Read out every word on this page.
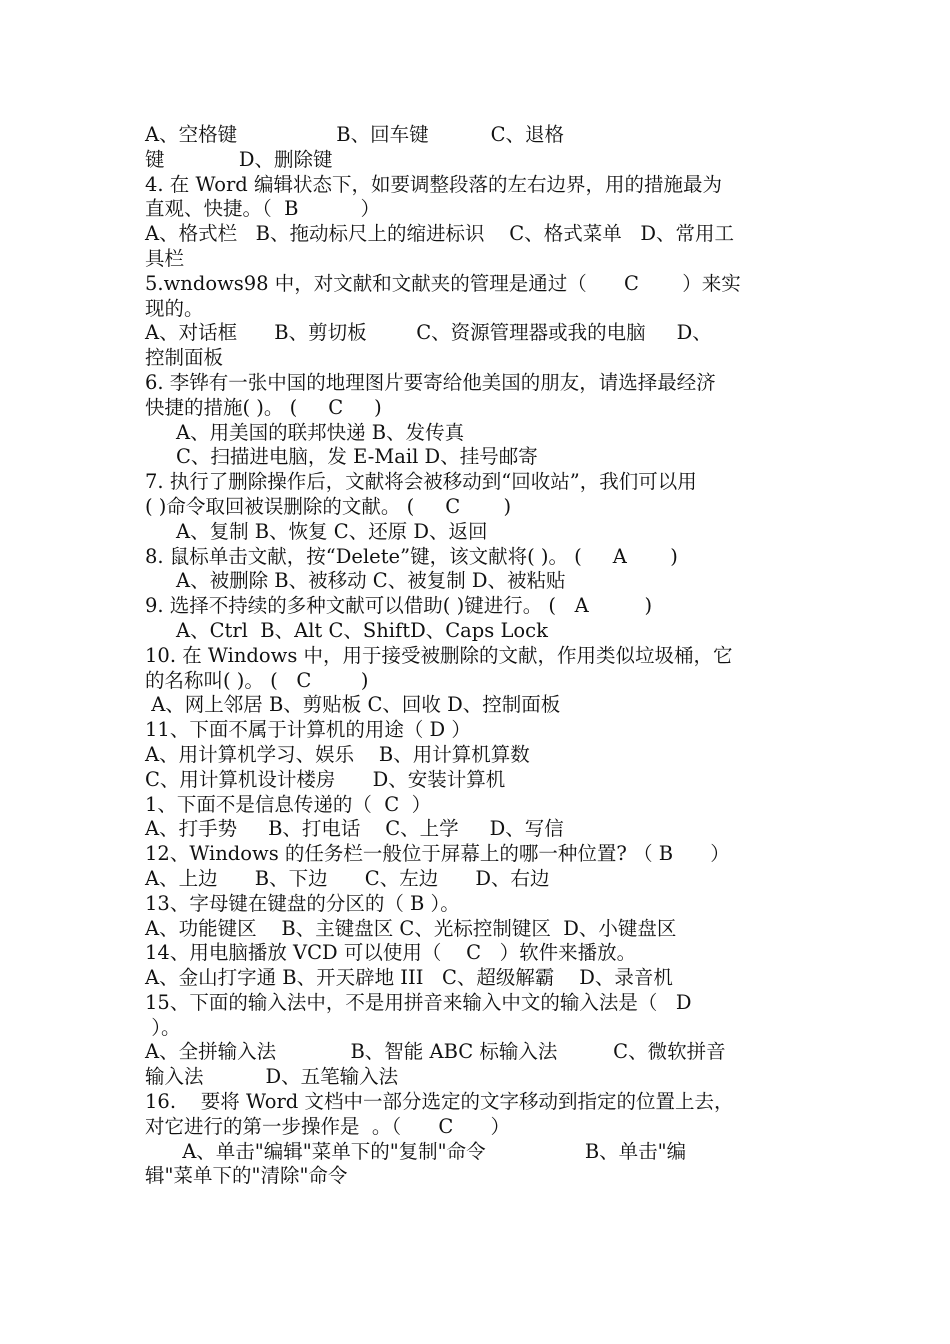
A、空格键                B、回车键          C、退格
键            D、删除键
4. 在 Word 编辑状态下，如要调整段落的左右边界，用的措施最为
直观、快捷。（  B          ）
A、格式栏   B、拖动标尺上的缩进标识    C、格式菜单   D、常用工
具栏
5.wndows98 中，对文献和文献夹的管理是通过（      C       ）来实
现的。
A、对话框      B、剪切板        C、资源管理器或我的电脑     D、
控制面板
6. 李铧有一张中国的地理图片要寄给他美国的朋友，请选择最经济
快捷的措施( )。 (     C     )
A、用美国的联邦快递 B、发传真
C、扫描进电脑，发 E-Mail D、挂号邮寄
7. 执行了删除操作后，文献将会被移动到“回收站”，我们可以用
( )命令取回被误删除的文献。 (     C       )
A、复制 B、恢复 C、还原 D、返回
8. 鼠标单击文献，按“Delete”键，该文献将( )。 (     A       )
A、被删除 B、被移动 C、被复制 D、被粘贴
9. 选择不持续的多种文献可以借助( )键进行。 (   A         )
A、Ctrl  B、Alt C、ShiftD、Caps Lock
10. 在 Windows 中，用于接受被删除的文献，作用类似垃圾桶，它
的名称叫( )。 (   C        )
A、网上邻居 B、剪贴板 C、回收 D、控制面板
11、下面不属于计算机的用途（ D ）
A、用计算机学习、娱乐    B、用计算机算数
C、用计算机设计楼房      D、安装计算机
1、下面不是信息传递的（  C  ）
A、打手势     B、打电话    C、上学     D、写信
12、Windows 的任务栏一般位于屏幕上的哪一种位置? （ B      ）
A、上边      B、下边      C、左边      D、右边
13、字母键在键盘的分区的（ B ）。
A、功能键区    B、主键盘区 C、光标控制键区  D、小键盘区
14、用电脑播放 VCD 可以使用（    C   ）软件来播放。
A、金山打字通 B、开天辟地 III   C、超级解霸    D、录音机
15、下面的输入法中，不是用拼音来输入中文的输入法是（   D
）。
A、全拼输入法            B、智能 ABC 标输入法         C、微软拼音
输入法          D、五笔输入法
16.    要将 Word 文档中一部分选定的文字移动到指定的位置上去，
对它进行的第一步操作是  。（      C      ）
A、单击"编辑"菜单下的"复制"命令                B、单击"编
辑"菜单下的"清除"命令
